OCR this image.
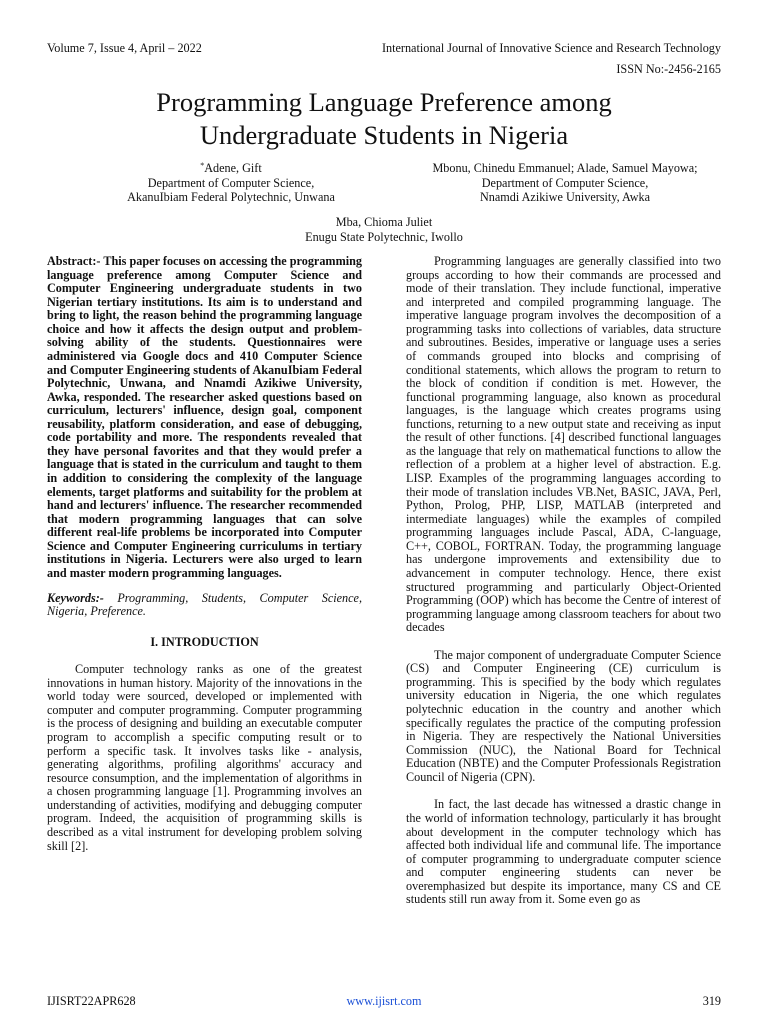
Volume 7, Issue 4, April – 2022	International Journal of Innovative Science and Research Technology
ISSN No:-2456-2165
Programming Language Preference among
Undergraduate Students in Nigeria
*Adene, Gift
Department of Computer Science,
AkanuIbiam Federal Polytechnic, Unwana
Mbonu, Chinedu Emmanuel; Alade, Samuel Mayowa;
Department of Computer Science,
Nnamdi Azikiwe University, Awka
Mba, Chioma Juliet
Enugu State Polytechnic, Iwollo

Abstract:- This paper focuses on accessing the programming language preference among Computer Science and Computer Engineering undergraduate students in two Nigerian tertiary institutions. Its aim is to understand and bring to light, the reason behind the programming language choice and how it affects the design output and problem-solving ability of the students. Questionnaires were administered via Google docs and 410 Computer Science and Computer Engineering students of AkanuIbiam Federal Polytechnic, Unwana, and Nnamdi Azikiwe University, Awka, responded. The researcher asked questions based on curriculum, lecturers' influence, design goal, component reusability, platform consideration, and ease of debugging, code portability and more. The respondents revealed that they have personal favorites and that they would prefer a language that is stated in the curriculum and taught to them in addition to considering the complexity of the language elements, target platforms and suitability for the problem at hand and lecturers' influence. The researcher recommended that modern programming languages that can solve different real-life problems be incorporated into Computer Science and Computer Engineering curriculums in tertiary institutions in Nigeria. Lecturers were also urged to learn and master modern programming languages.

Keywords:- Programming, Students, Computer Science, Nigeria, Preference.

I. INTRODUCTION

Computer technology ranks as one of the greatest innovations in human history. Majority of the innovations in the world today were sourced, developed or implemented with computer and computer programming. Computer programming is the process of designing and building an executable computer program to accomplish a specific computing result or to perform a specific task. It involves tasks like - analysis, generating algorithms, profiling algorithms' accuracy and resource consumption, and the implementation of algorithms in a chosen programming language [1]. Programming involves an understanding of activities, modifying and debugging computer program. Indeed, the acquisition of programming skills is described as a vital instrument for developing problem solving skill [2].

Programming languages are generally classified into two groups according to how their commands are processed and mode of their translation. They include functional, imperative and interpreted and compiled programming language. The imperative language program involves the decomposition of a programming tasks into collections of variables, data structure and subroutines. Besides, imperative or language uses a series of commands grouped into blocks and comprising of conditional statements, which allows the program to return to the block of condition if condition is met. However, the functional programming language, also known as procedural languages, is the language which creates programs using functions, returning to a new output state and receiving as input the result of other functions. [4] described functional languages as the language that rely on mathematical functions to allow the reflection of a problem at a higher level of abstraction. E.g. LISP. Examples of the programming languages according to their mode of translation includes VB.Net, BASIC, JAVA, Perl, Python, Prolog, PHP, LISP, MATLAB (interpreted and intermediate languages) while the examples of compiled programming languages include Pascal, ADA, C-language, C++, COBOL, FORTRAN. Today, the programming language has undergone improvements and extensibility due to advancement in computer technology. Hence, there exist structured programming and particularly Object-Oriented Programming (OOP) which has become the Centre of interest of programming language among classroom teachers for about two decades

The major component of undergraduate Computer Science (CS) and Computer Engineering (CE) curriculum is programming. This is specified by the body which regulates university education in Nigeria, the one which regulates polytechnic education in the country and another which specifically regulates the practice of the computing profession in Nigeria. They are respectively the National Universities Commission (NUC), the National Board for Technical Education (NBTE) and the Computer Professionals Registration Council of Nigeria (CPN).

In fact, the last decade has witnessed a drastic change in the world of information technology, particularly it has brought about development in the computer technology which has affected both individual life and communal life. The importance of computer programming to undergraduate computer science and computer engineering students can never be overemphasized but despite its importance, many CS and CE students still run away from it. Some even go as

IJISRT22APR628	www.ijisrt.com	319
